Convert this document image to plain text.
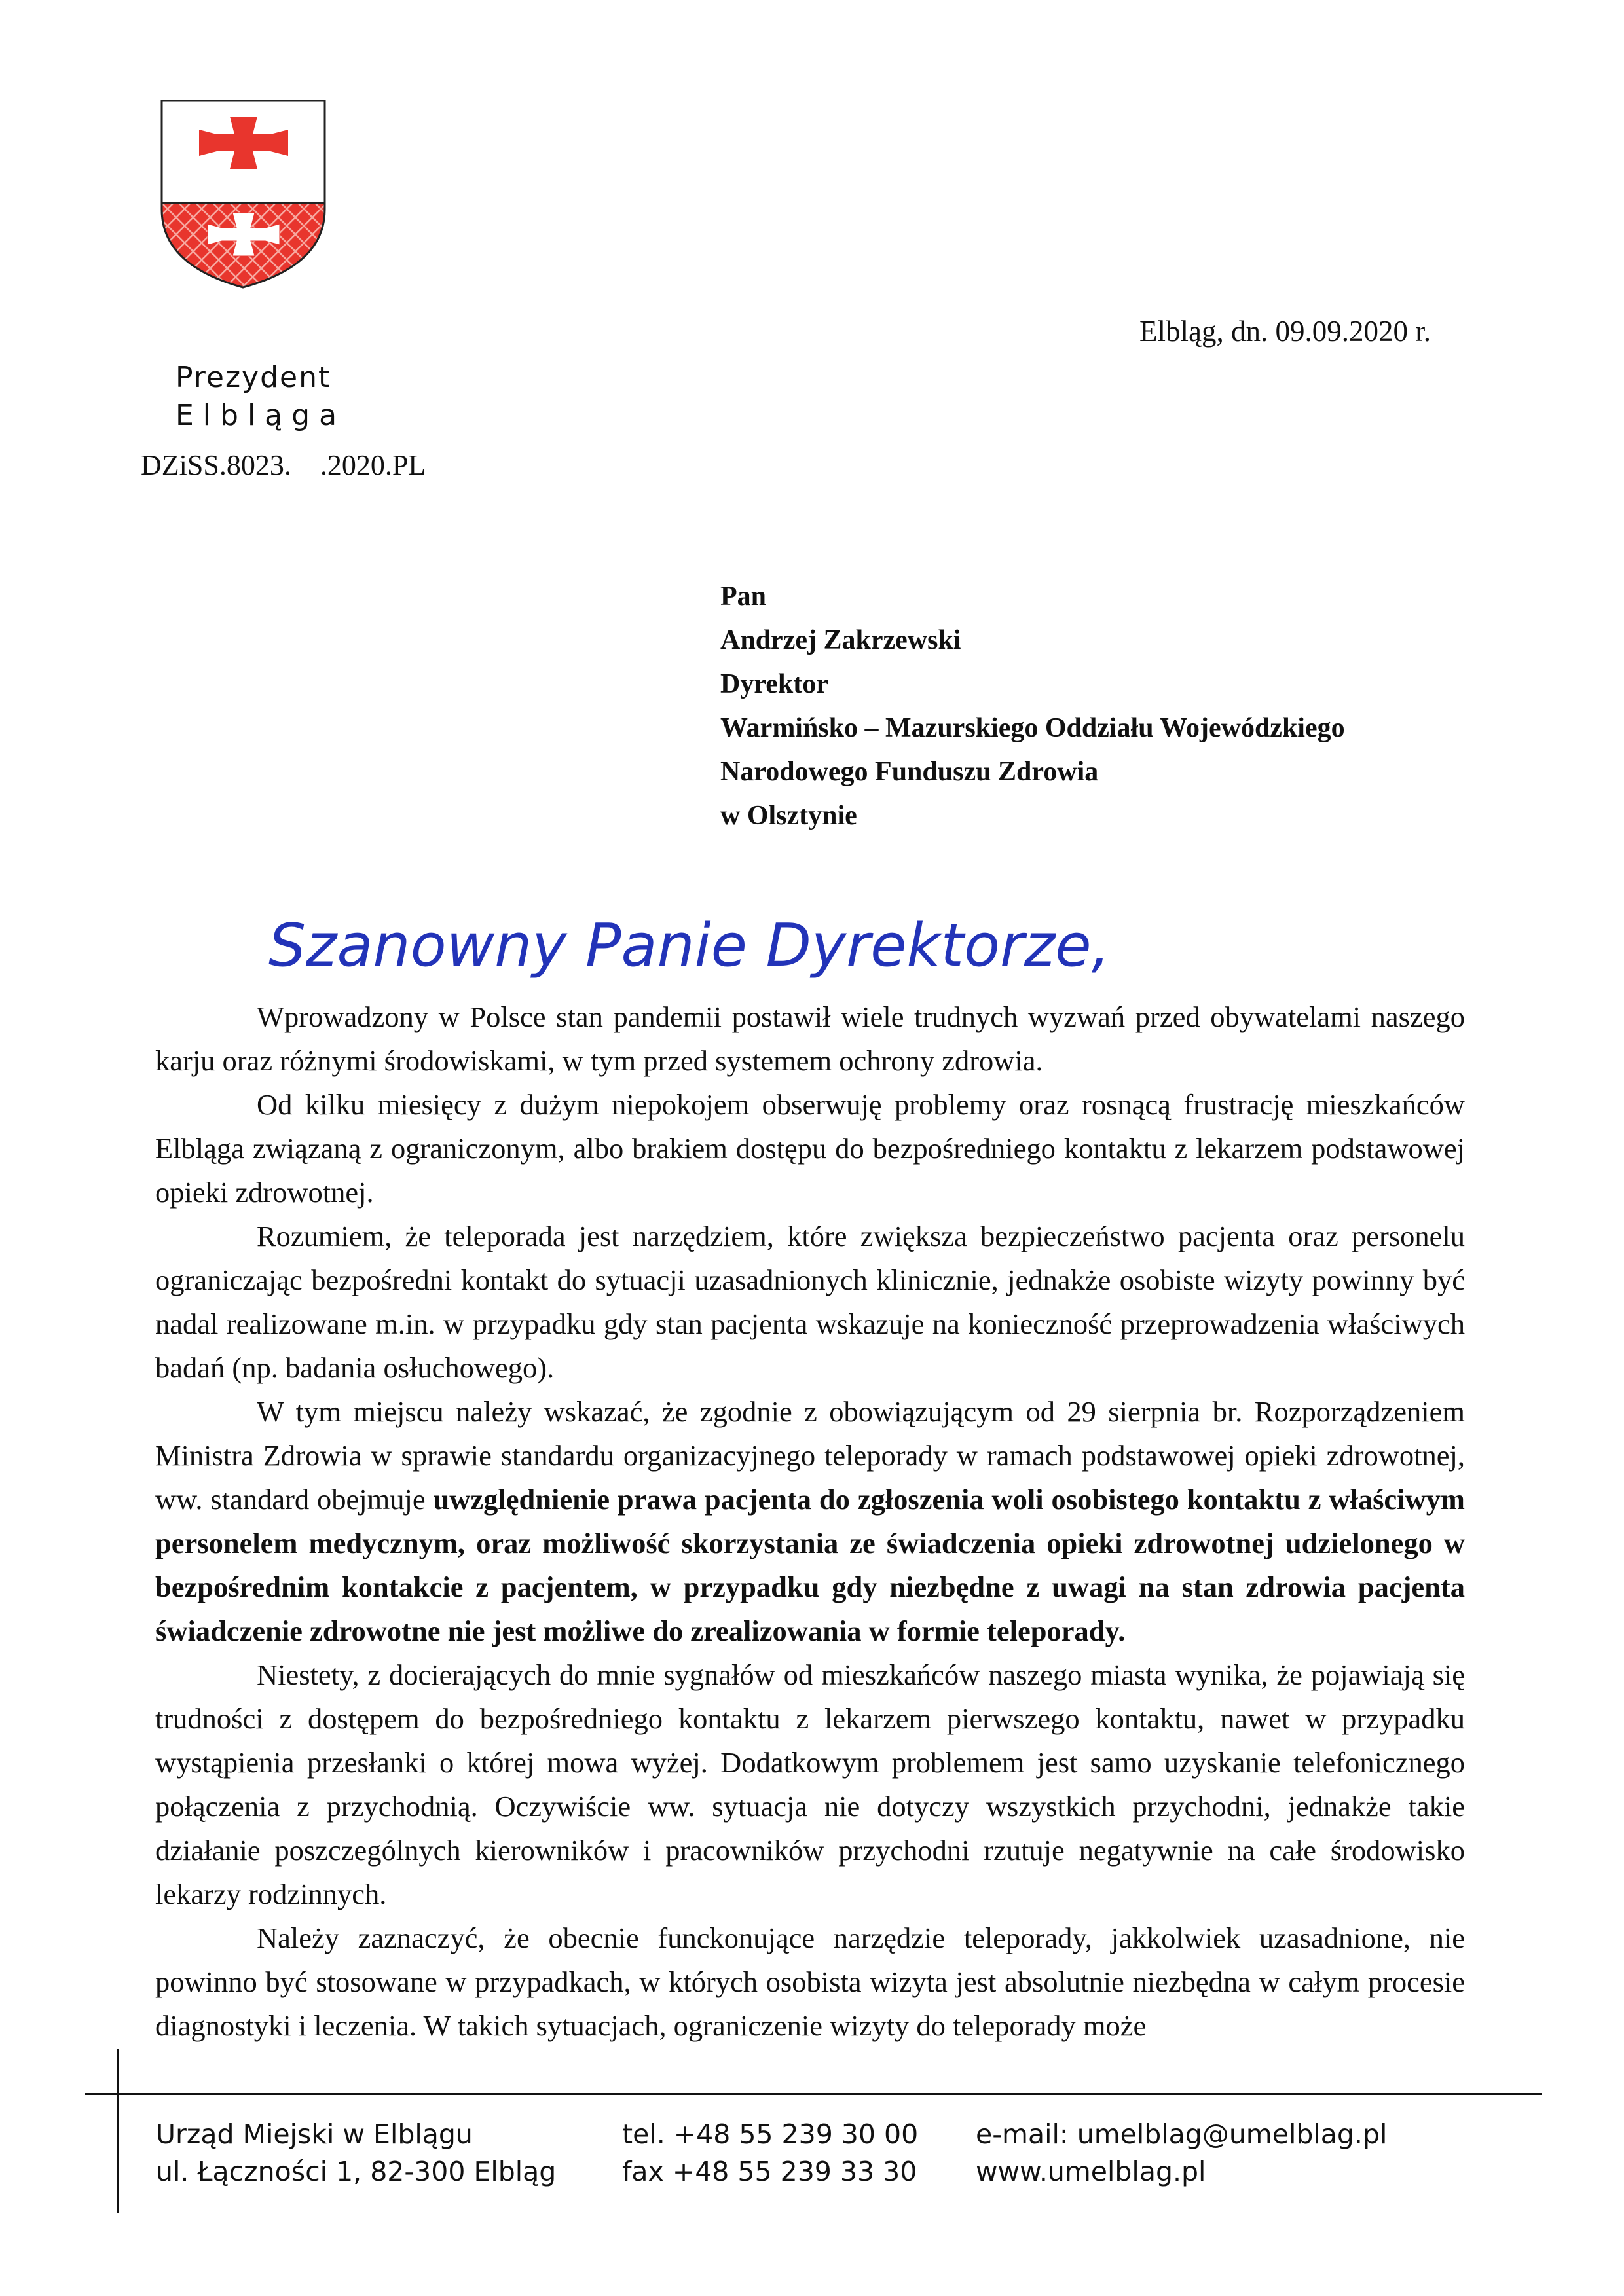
Prezydent
Elbląga
DZiSS.8023.    .2020.PL
Elbląg, dn. 09.09.2020 r.
Pan
Andrzej Zakrzewski
Dyrektor
Warmińsko – Mazurskiego Oddziału Wojewódzkiego
Narodowego Funduszu Zdrowia
w Olsztynie
Szanowny Panie Dyrektorze,

Wprowadzony w Polsce stan pandemii postawił wiele trudnych wyzwań przed obywatelami naszego karju oraz różnymi środowiskami, w tym przed systemem ochrony zdrowia.

Od kilku miesięcy z dużym niepokojem obserwuję problemy oraz rosnącą frustrację mieszkańców Elbląga związaną z ograniczonym, albo brakiem dostępu do bezpośredniego kontaktu z lekarzem podstawowej opieki zdrowotnej.

Rozumiem, że teleporada jest narzędziem, które zwiększa bezpieczeństwo pacjenta oraz personelu ograniczając bezpośredni kontakt do sytuacji uzasadnionych klinicznie, jednakże osobiste wizyty powinny być nadal realizowane m.in. w przypadku gdy stan pacjenta wskazuje na konieczność przeprowadzenia właściwych badań (np. badania osłuchowego).

W tym miejscu należy wskazać, że zgodnie z obowiązującym od 29 sierpnia br. Rozporządzeniem Ministra Zdrowia w sprawie standardu organizacyjnego teleporady w ramach podstawowej opieki zdrowotnej, ww. standard obejmuje uwzględnienie prawa pacjenta do zgłoszenia woli osobistego kontaktu z właściwym personelem medycznym, oraz możliwość skorzystania ze świadczenia opieki zdrowotnej udzielonego w bezpośrednim kontakcie z pacjentem, w przypadku gdy niezbędne z uwagi na stan zdrowia pacjenta świadczenie zdrowotne nie jest możliwe do zrealizowania w formie teleporady.

Niestety, z docierających do mnie sygnałów od mieszkańców naszego miasta wynika, że pojawiają się trudności z dostępem do bezpośredniego kontaktu z lekarzem pierwszego kontaktu, nawet w przypadku wystąpienia przesłanki o której mowa wyżej. Dodatkowym problemem jest samo uzyskanie telefonicznego połączenia z przychodnią. Oczywiście ww. sytuacja nie dotyczy wszystkich przychodni, jednakże takie działanie poszczególnych kierowników i pracowników przychodni rzutuje negatywnie na całe środowisko lekarzy rodzinnych.

Należy zaznaczyć, że obecnie funckonujące narzędzie teleporady, jakkolwiek uzasadnione, nie powinno być stosowane w przypadkach, w których osobista wizyta jest absolutnie niezbędna w całym procesie diagnostyki i leczenia. W takich sytuacjach, ograniczenie wizyty do teleporady może

Urząd Miejski w Elblągu
ul. Łączności 1, 82-300 Elbląg
tel. +48 55 239 30 00
fax +48 55 239 33 30
e-mail: umelblag@umelblag.pl
www.umelblag.pl
